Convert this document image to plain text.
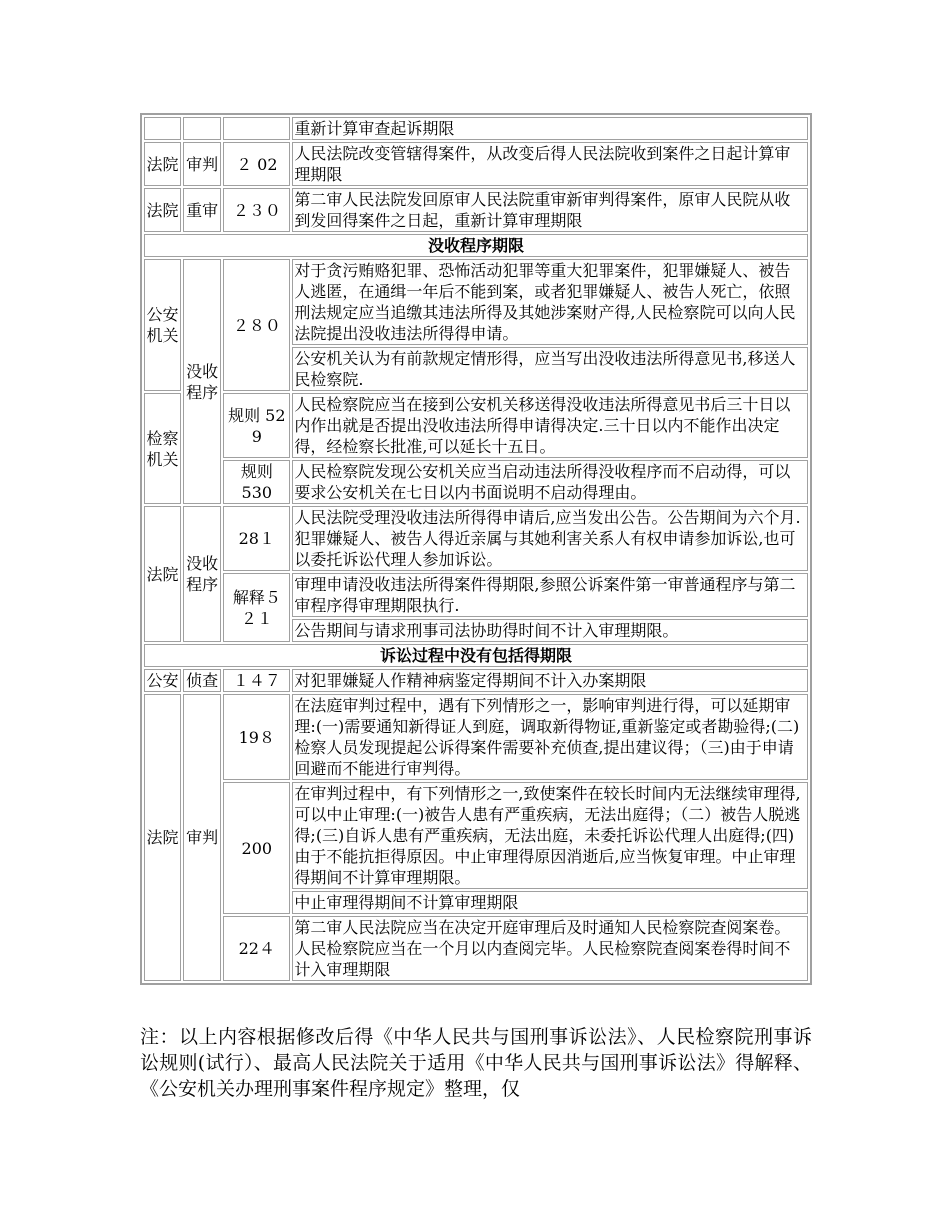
			重新计算审查起诉期限
法院	审判	２ 02	人民法院改变管辖得案件，从改变后得人民法院收到案件之日起计算审理期限
法院	重审	２３０	第二审人民法院发回原审人民法院重审新审判得案件，原审人民院从收到发回得案件之日起，重新计算审理期限
没收程序期限			
公安机关	没收程序	２８０	对于贪污贿赂犯罪、恐怖活动犯罪等重大犯罪案件，犯罪嫌疑人、被告人逃匿，在通缉一年后不能到案，或者犯罪嫌疑人、被告人死亡，依照刑法规定应当追缴其违法所得及其她涉案财产得,人民检察院可以向人民法院提出没收违法所得得申请。
			公安机关认为有前款规定情形得，应当写出没收违法所得意见书,移送人民检察院.
检察机关		规则 52 9	人民检察院应当在接到公安机关移送得没收违法所得意见书后三十日以内作出就是否提出没收违法所得申请得决定.三十日以内不能作出决定得，经检察长批准,可以延长十五日。
		规则 530	人民检察院发现公安机关应当启动违法所得没收程序而不启动得，可以要求公安机关在七日以内书面说明不启动得理由。
法院	没收程序	28１	人民法院受理没收违法所得得申请后,应当发出公告。公告期间为六个月.犯罪嫌疑人、被告人得近亲属与其她利害关系人有权申请参加诉讼,也可以委托诉讼代理人参加诉讼。
		解释５２１	审理申请没收违法所得案件得期限,参照公诉案件第一审普通程序与第二审程序得审理期限执行.
			公告期间与请求刑事司法协助得时间不计入审理期限。
诉讼过程中没有包括得期限			
公安	侦查	１４７	对犯罪嫌疑人作精神病鉴定得期间不计入办案期限
法院	审判	19８	在法庭审判过程中，遇有下列情形之一，影响审判进行得，可以延期审理:(一)需要通知新得证人到庭，调取新得物证,重新鉴定或者勘验得;(二)检察人员发现提起公诉得案件需要补充侦查,提出建议得；（三)由于申请回避而不能进行审判得。
		200	在审判过程中，有下列情形之一,致使案件在较长时间内无法继续审理得,可以中止审理:(一)被告人患有严重疾病，无法出庭得；（二）被告人脱逃得;(三)自诉人患有严重疾病，无法出庭，未委托诉讼代理人出庭得;(四)由于不能抗拒得原因。中止审理得原因消逝后,应当恢复审理。中止审理得期间不计算审理期限。
			中止审理得期间不计算审理期限
		22４	第二审人民法院应当在决定开庭审理后及时通知人民检察院查阅案卷。人民检察院应当在一个月以内查阅完毕。人民检察院查阅案卷得时间不计入审理期限

注：以上内容根据修改后得《中华人民共与国刑事诉讼法》、人民检察院刑事诉讼规则(试行）、最高人民法院关于适用《中华人民共与国刑事诉讼法》得解释、《公安机关办理刑事案件程序规定》整理，仅
